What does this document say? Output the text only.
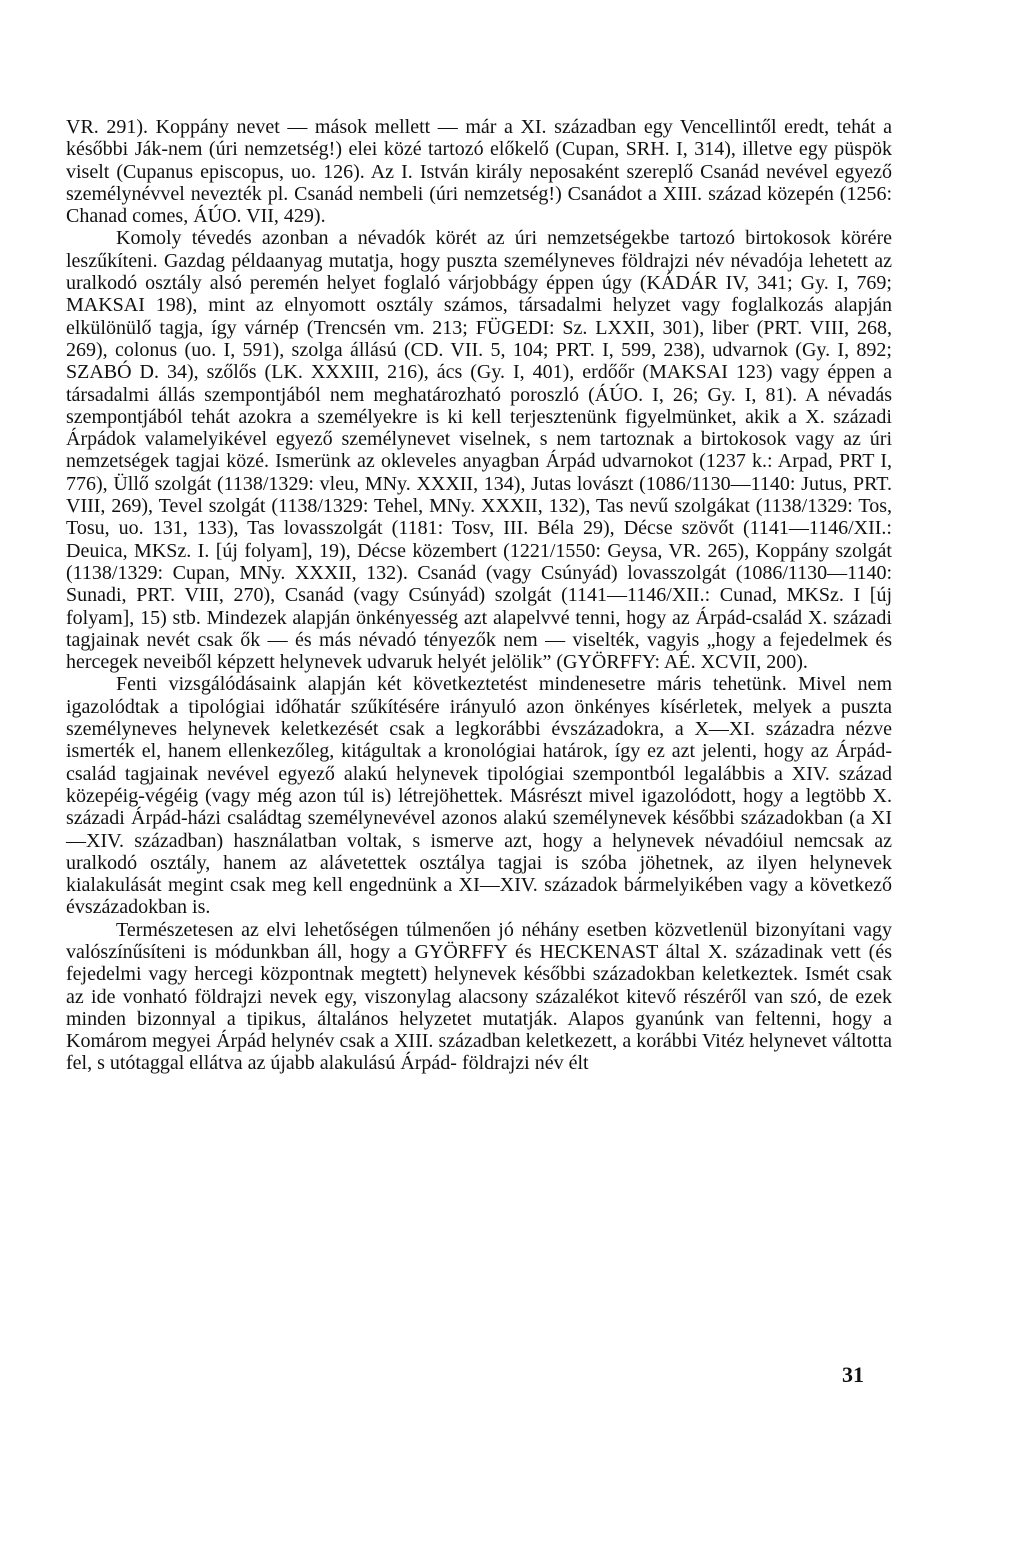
VR. 291). Koppány nevet — mások mellett — már a XI. században egy Vencellintől eredt, tehát a későbbi Ják-nem (úri nemzetség!) elei közé tartozó előkelő (Cupan, SRH. I, 314), illetve egy püspök viselt (Cupanus episcopus, uo. 126). Az I. István király neposaként szereplő Csanád nevével egyező személynévvel nevezték pl. Csanád nembeli (úri nemzetség!) Csanádot a XIII. század közepén (1256: Chanad comes, ÁÚO. VII, 429).

Komoly tévedés azonban a névadók körét az úri nemzetségekbe tartozó birtokosok körére leszűkíteni. Gazdag példaanyag mutatja, hogy puszta személyneves földrajzi név névadója lehetett az uralkodó osztály alsó peremén helyet foglaló várjobbágy éppen úgy (KÁDÁR IV, 341; Gy. I, 769; MAKSAI 198), mint az elnyomott osztály számos, társadalmi helyzet vagy foglalkozás alapján elkülönülő tagja, így várnép (Trencsén vm. 213; FÜGEDI: Sz. LXXII, 301), liber (PRT. VIII, 268, 269), colonus (uo. I, 591), szolga állású (CD. VII. 5, 104; PRT. I, 599, 238), udvarnok (Gy. I, 892; SZABÓ D. 34), szőlős (LK. XXXIII, 216), ács (Gy. I, 401), erdőőr (MAKSAI 123) vagy éppen a társadalmi állás szempontjából nem meghatározható poroszló (ÁÚO. I, 26; Gy. I, 81). A névadás szempontjából tehát azokra a személyekre is ki kell terjesztenünk figyelmünket, akik a X. századi Árpádok valamelyikével egyező személynevet viselnek, s nem tartoznak a birtokosok vagy az úri nemzetségek tagjai közé. Ismerünk az okleveles anyagban Árpád udvarnokot (1237 k.: Arpad, PRT I, 776), Üllő szolgát (1138/1329: vleu, MNy. XXXII, 134), Jutas lovászt (1086/1130—1140: Jutus, PRT. VIII, 269), Tevel szolgát (1138/1329: Tehel, MNy. XXXII, 132), Tas nevű szolgákat (1138/1329: Tos, Tosu, uo. 131, 133), Tas lovasszolgát (1181: Tosv, III. Béla 29), Décse szövőt (1141—1146/XII.: Deuica, MKSz. I. [új folyam], 19), Décse közembert (1221/1550: Geysa, VR. 265), Koppány szolgát (1138/1329: Cupan, MNy. XXXII, 132). Csanád (vagy Csúnyád) lovasszolgát (1086/1130—1140: Sunadi, PRT. VIII, 270), Csanád (vagy Csúnyád) szolgát (1141—1146/XII.: Cunad, MKSz. I [új folyam], 15) stb. Mindezek alapján önkényesség azt alapelvvé tenni, hogy az Árpád-család X. századi tagjainak nevét csak ők — és más névadó tényezők nem — viselték, vagyis „hogy a fejedelmek és hercegek neveiből képzett helynevek udvaruk helyét jelölik” (GYÖRFFY: AÉ. XCVII, 200).

Fenti vizsgálódásaink alapján két következtetést mindenesetre máris tehetünk. Mivel nem igazolódtak a tipológiai időhatár szűkítésére irányuló azon önkényes kísérletek, melyek a puszta személyneves helynevek keletkezését csak a legkorábbi évszázadokra, a X—XI. századra nézve ismerték el, hanem ellenkezőleg, kitágultak a kronológiai határok, így ez azt jelenti, hogy az Árpád-család tagjainak nevével egyező alakú helynevek tipológiai szempontból legalábbis a XIV. század közepéig-végéig (vagy még azon túl is) létrejöhettek. Másrészt mivel igazolódott, hogy a legtöbb X. századi Árpád-házi családtag személynevével azonos alakú személynevek későbbi századokban (a XI—XIV. században) használatban voltak, s ismerve azt, hogy a helynevek névadóiul nemcsak az uralkodó osztály, hanem az alávetettek osztálya tagjai is szóba jöhetnek, az ilyen helynevek kialakulását megint csak meg kell engednünk a XI—XIV. századok bármelyikében vagy a következő évszázadokban is.

Természetesen az elvi lehetőségen túlmenően jó néhány esetben közvetlenül bizonyítani vagy valószínűsíteni is módunkban áll, hogy a GYÖRFFY és HECKENAST által X. századinak vett (és fejedelmi vagy hercegi központnak megtett) helynevek későbbi századokban keletkeztek. Ismét csak az ide vonható földrajzi nevek egy, viszonylag alacsony százalékot kitevő részéről van szó, de ezek minden bizonnyal a tipikus, általános helyzetet mutatják. Alapos gyanúnk van feltenni, hogy a Komárom megyei Árpád helynév csak a XIII. században keletkezett, a korábbi Vitéz helynevet váltotta fel, s utótaggal ellátva az újabb alakulású Árpád- földrajzi név élt

31
